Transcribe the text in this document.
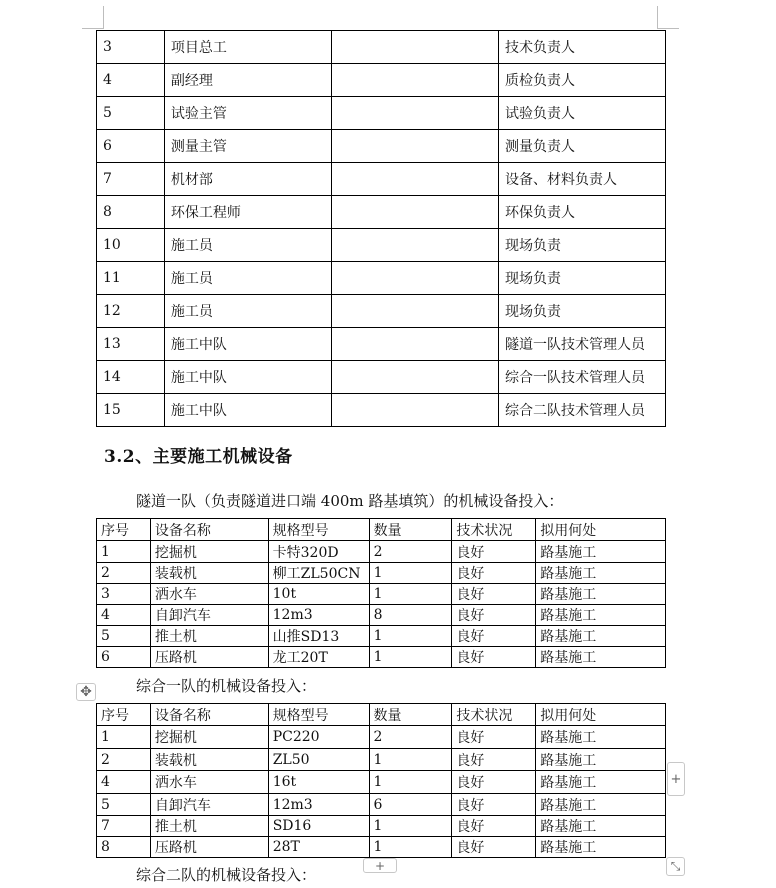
3	项目总工		技术负责人
4	副经理		质检负责人
5	试验主管		试验负责人
6	测量主管		测量负责人
7	机材部		设备、材料负责人
8	环保工程师		环保负责人
10	施工员		现场负责
11	施工员		现场负责
12	施工员		现场负责
13	施工中队		隧道一队技术管理人员
14	施工中队		综合一队技术管理人员
15	施工中队		综合二队技术管理人员
3.2、主要施工机械设备
隧道一队（负责隧道进口端 400m 路基填筑）的机械设备投入：
序号	设备名称	规格型号	数量	技术状况	拟用何处
1	挖掘机	卡特320D	2	良好	路基施工
2	装载机	柳工ZL50CN	1	良好	路基施工
3	洒水车	10t	1	良好	路基施工
4	自卸汽车	12m3	8	良好	路基施工
5	推土机	山推SD13	1	良好	路基施工
6	压路机	龙工20T	1	良好	路基施工
✥	综合一队的机械设备投入：
序号	设备名称	规格型号	数量	技术状况	拟用何处
1	挖掘机	PC220	2	良好	路基施工
2	装载机	ZL50	1	良好	路基施工
4	洒水车	16t	1	良好	路基施工
5	自卸汽车	12m3	6	良好	路基施工
7	推土机	SD16	1	良好	路基施工
8	压路机	28T	1	良好	路基施工
+
+	⤡
综合二队的机械设备投入：
